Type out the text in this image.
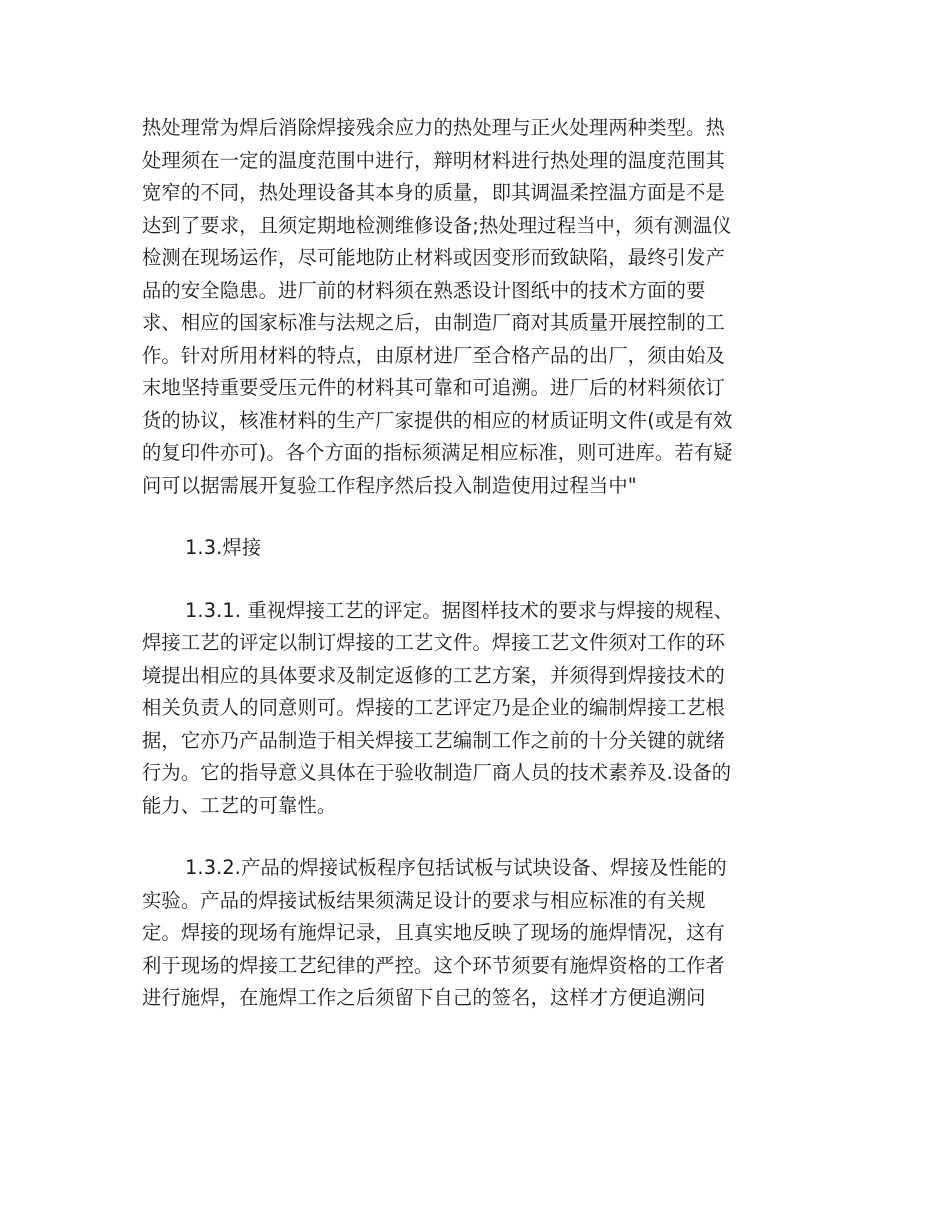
热处理常为焊后消除焊接残余应力的热处理与正火处理两种类型。热
处理须在一定的温度范围中进行，辩明材料进行热处理的温度范围其
宽窄的不同，热处理设备其本身的质量，即其调温柔控温方面是不是
达到了要求，且须定期地检测维修设备;热处理过程当中，须有测温仪
检测在现场运作，尽可能地防止材料或因变形而致缺陷，最终引发产
品的安全隐患。进厂前的材料须在熟悉设计图纸中的技术方面的要
求、相应的国家标准与法规之后，由制造厂商对其质量开展控制的工
作。针对所用材料的特点，由原材进厂至合格产品的出厂，须由始及
末地坚持重要受压元件的材料其可靠和可追溯。进厂后的材料须依订
货的协议，核准材料的生产厂家提供的相应的材质证明文件(或是有效
的复印件亦可)。各个方面的指标须满足相应标准，则可进库。若有疑
问可以据需展开复验工作程序然后投入制造使用过程当中"
1.3.焊接
1.3.1. 重视焊接工艺的评定。据图样技术的要求与焊接的规程、
焊接工艺的评定以制订焊接的工艺文件。焊接工艺文件须对工作的环
境提出相应的具体要求及制定返修的工艺方案，并须得到焊接技术的
相关负责人的同意则可。焊接的工艺评定乃是企业的编制焊接工艺根
据，它亦乃产品制造于相关焊接工艺编制工作之前的十分关键的就绪
行为。它的指导意义具体在于验收制造厂商人员的技术素养及.设备的
能力、工艺的可靠性。
1.3.2.产品的焊接试板程序包括试板与试块设备、焊接及性能的
实验。产品的焊接试板结果须满足设计的要求与相应标准的有关规
定。焊接的现场有施焊记录，且真实地反映了现场的施焊情况，这有
利于现场的焊接工艺纪律的严控。这个环节须要有施焊资格的工作者
进行施焊，在施焊工作之后须留下自己的签名，这样才方便追溯问
